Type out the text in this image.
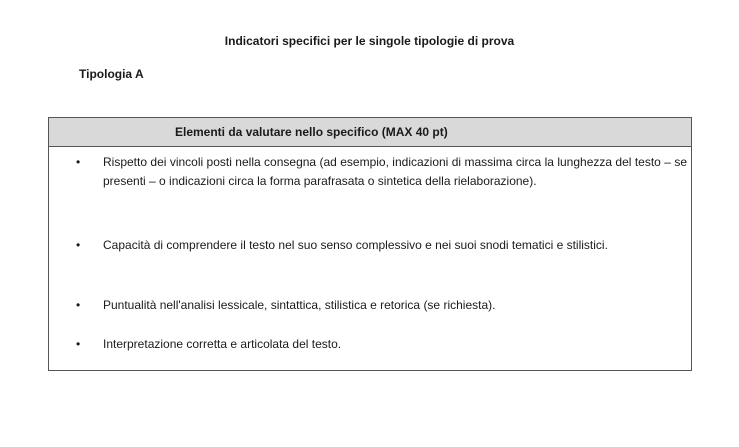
Indicatori specifici per le singole tipologie di prova
Tipologia A
Elementi da valutare nello specifico (MAX 40 pt)
• Rispetto dei vincoli posti nella consegna (ad esempio, indicazioni di massima circa la lunghezza del testo – se presenti – o indicazioni circa la forma parafrasata o sintetica della rielaborazione).
• Capacità di comprendere il testo nel suo senso complessivo e nei suoi snodi tematici e stilistici.
• Puntualità nell'analisi lessicale, sintattica, stilistica e retorica (se richiesta).
• Interpretazione corretta e articolata del testo.
